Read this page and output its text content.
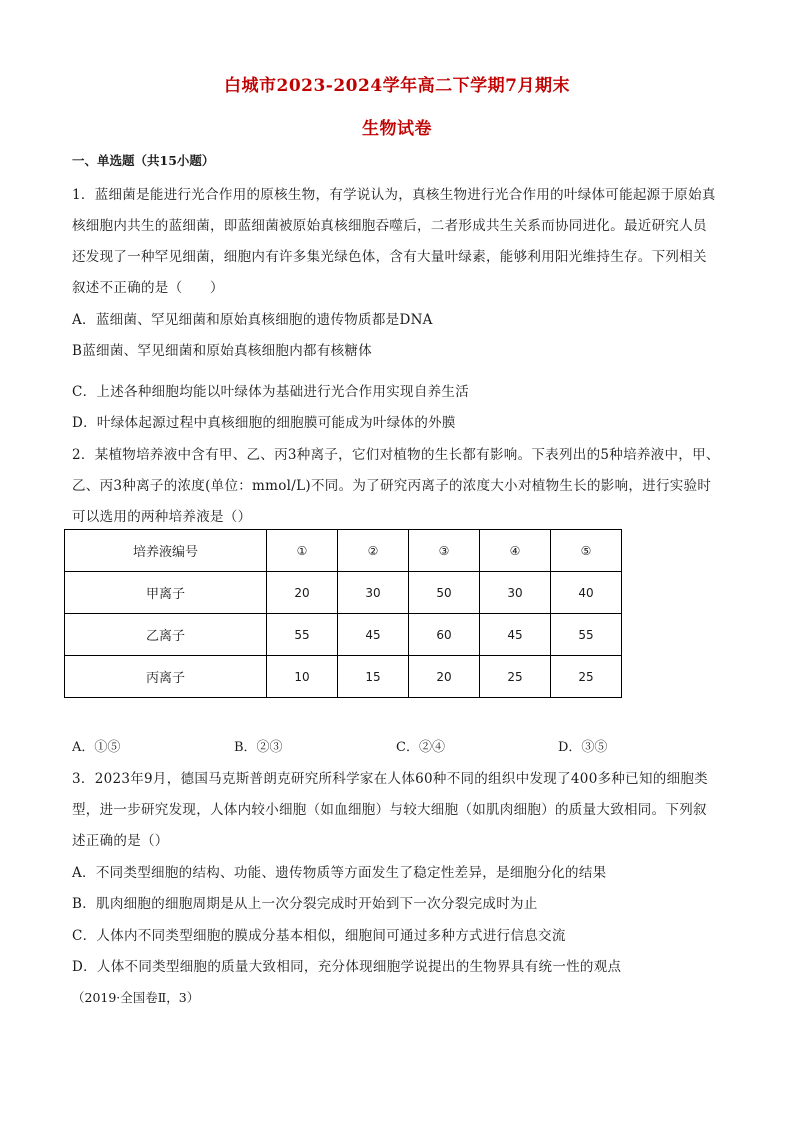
白城市2023-2024学年高二下学期7月期末
生物试卷
一、单选题（共15小题）
1．蓝细菌是能进行光合作用的原核生物，有学说认为，真核生物进行光合作用的叶绿体可能起源于原始真
核细胞内共生的蓝细菌，即蓝细菌被原始真核细胞吞噬后，二者形成共生关系而协同进化。最近研究人员
还发现了一种罕见细菌，细胞内有许多集光绿色体，含有大量叶绿素，能够利用阳光维持生存。下列相关
叙述不正确的是（　　）
A．蓝细菌、罕见细菌和原始真核细胞的遗传物质都是DNA
B蓝细菌、罕见细菌和原始真核细胞内都有核糖体
C．上述各种细胞均能以叶绿体为基础进行光合作用实现自养生活
D．叶绿体起源过程中真核细胞的细胞膜可能成为叶绿体的外膜
2．某植物培养液中含有甲、乙、丙3种离子，它们对植物的生长都有影响。下表列出的5种培养液中，甲、
乙、丙3种离子的浓度(单位：mmol/L)不同。为了研究丙离子的浓度大小对植物生长的影响，进行实验时
可以选用的两种培养液是（）
培养液编号	①	②	③	④	⑤
甲离子	20	30	50	30	40
乙离子	55	45	60	45	55
丙离子	10	15	20	25	25
A．①⑤	B．②③	C．②④	D．③⑤
3．2023年9月，德国马克斯普朗克研究所科学家在人体60种不同的组织中发现了400多种已知的细胞类
型，进一步研究发现，人体内较小细胞（如血细胞）与较大细胞（如肌肉细胞）的质量大致相同。下列叙
述正确的是（）
A．不同类型细胞的结构、功能、遗传物质等方面发生了稳定性差异，是细胞分化的结果
B．肌肉细胞的细胞周期是从上一次分裂完成时开始到下一次分裂完成时为止
C．人体内不同类型细胞的膜成分基本相似，细胞间可通过多种方式进行信息交流
D．人体不同类型细胞的质量大致相同，充分体现细胞学说提出的生物界具有统一性的观点
（2019·全国卷Ⅱ，3）
